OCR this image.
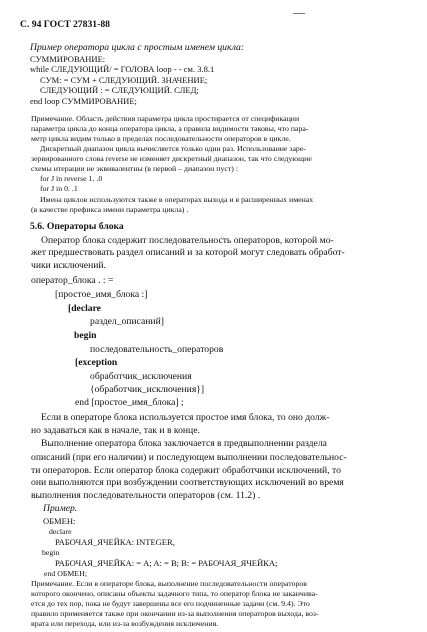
С. 94 ГОСТ 27831-88
Пример оператора цикла с простым именем цикла:
СУММИРОВАНИЕ:
while СЛЕДУЮЩИЙ/ = ГОЛОВА loop - - см. 3.8.1
СУМ: = СУМ + СЛЕДУЮЩИЙ. ЗНАЧЕНИЕ;
СЛЕДУЮЩИЙ : = СЛЕДУЮЩИЙ. СЛЕД;
end loop СУММИРОВАНИЕ;
Примечание. Область действия параметра цикла простирается от спецификации
параметра цикла до конца оператора цикла, а правила видимости таковы, что пара-
метр цикла видим только в пределах последовательности операторов в цикле.
Дискретный диапазон цикла вычисляется только один раз. Использование заре-
зервированного слова reverse не изменяет дискретный диапазон, так что следующие
схемы итерации не эквивалентны (в первой – диапазон пуст) :
for J in reverse 1. .0
for J in 0. .1
Имена циклов используются также в операторах выхода и в расширенных именах
(в качестве префикса имени параметра цикла) .
5.6. Операторы блока
Оператор блока содержит последовательность операторов, которой мо-
жет предшествовать раздел описаний и за которой могут следовать обработ-
чики исключений.
оператор_блока . : =
[простое_имя_блока :]
[declare
раздел_описаний]
begin
последовательность_операторов
[exception
обработчик_исключения
{обработчик_исключения}]
end [простое_имя_блока] ;
Если в операторе блока используется простое имя блока, то оно долж-
но задаваться как в начале, так и в конце.
Выполнение оператора блока заключается в предвыполнении раздела
описаний (при его наличии) и последующем выполнении последовательнос-
ти операторов. Если оператор блока содержит обработчики исключений, то
они выполняются при возбуждении соответствующих исключений во время
выполнения последовательности операторов (см. 11.2) .
Пример.
ОБМЕН:
declare
РАБОЧАЯ_ЯЧЕЙКА: INTEGER,
begin
РАБОЧАЯ_ЯЧЕЙКА: = A; A: = B; B: = РАБОЧАЯ_ЯЧЕЙКА;
end ОБМЕН;
Примечание. Если в операторе блока, выполнение последовательности операторов
которого окончено, описаны объекты задачного типа, то оператор блока не заканчива-
ется до тех пор, пока не будут завершены все его подчиненные задачи (см. 9.4). Это
правило применяется также при окончании из-за выполнения операторов выхода, воз-
врата или перехода, или из-за возбуждения исключения.
